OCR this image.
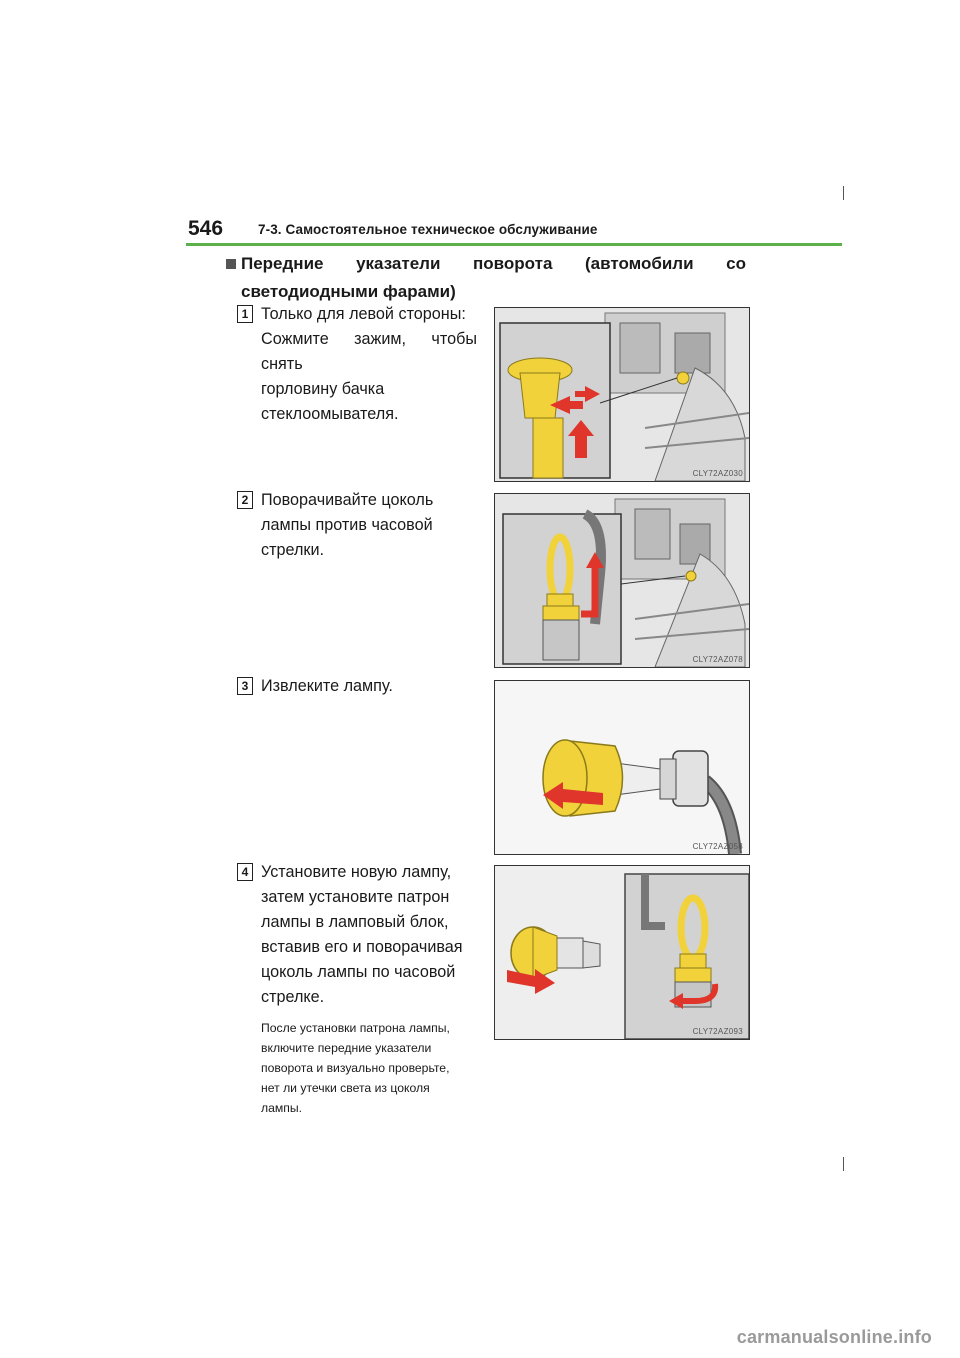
546	7-3. Самостоятельное техническое обслуживание
Передние указатели поворота (автомобили со
светодиодными фарами)
1 Только для левой стороны:
Сожмите зажим, чтобы снять
горловину бачка
стеклоомывателя.
CLY72AZ030
2 Поворачивайте цоколь
лампы против часовой
стрелки.
CLY72AZ078
3 Извлеките лампу.
CLY72AZ058
4 Установите новую лампу,
затем установите патрон
лампы в ламповый блок,
вставив его и поворачивая
цоколь лампы по часовой
стрелке.
После установки патрона лампы,
включите передние указатели
поворота и визуально проверьте,
нет ли утечки света из цоколя
лампы.
CLY72AZ093
carmanualsonline.info
